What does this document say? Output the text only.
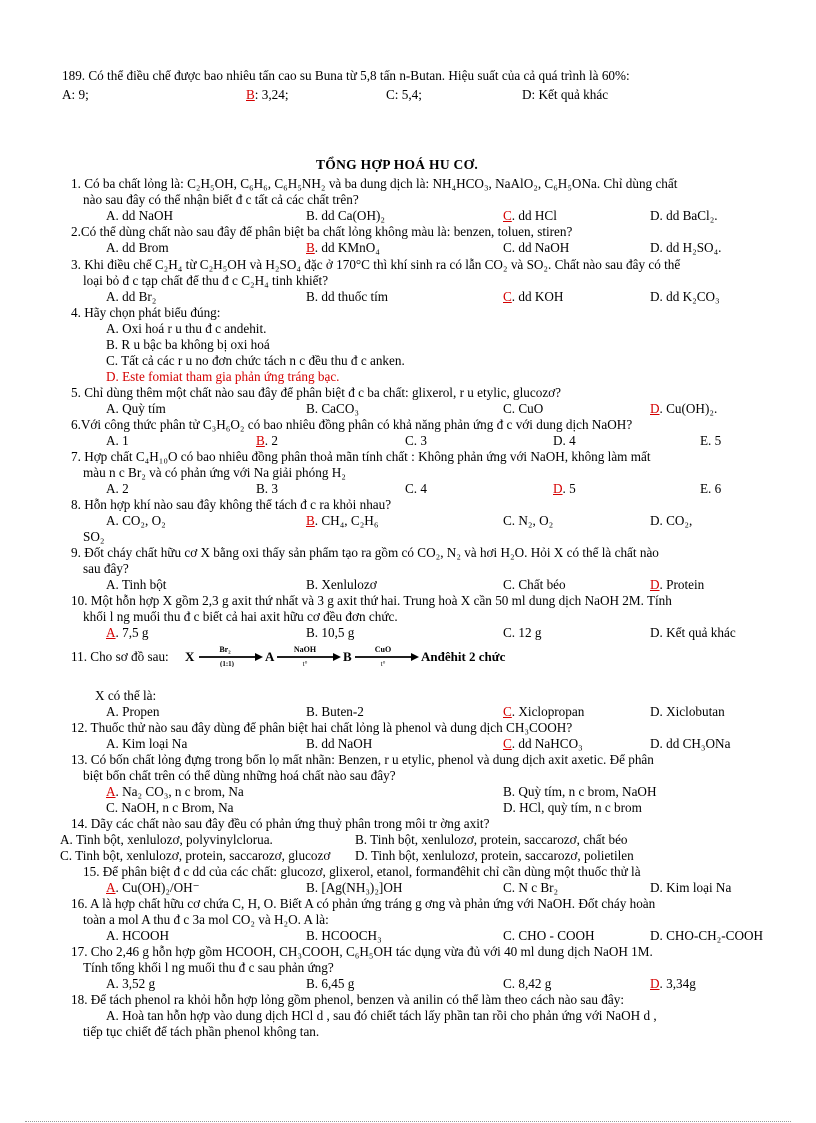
189. Có thể điều chế được bao nhiêu tấn cao su Buna từ 5,8 tấn n-Butan. Hiệu suất của cả quá trình là 60%:
A: 9;	B: 3,24;	C: 5,4;	D: Kết quả khác
TỔNG HỢP HOÁ HU CƠ.
1. Có ba chất lỏng là: C₂H₅OH, C₆H₆, C₆H₅NH₂ và ba dung dịch là: NH₄HCO₃, NaAlO₂, C₆H₅ONa. Chỉ dùng chất
nào sau đây có thể nhận biết đ c tất cả các chất trên?
A. dd NaOH	B. dd Ca(OH)₂	C. dd HCl	D. dd BaCl₂.
2.Có thể dùng chất nào sau đây để phân biệt ba chất lỏng không màu là: benzen, toluen, stiren?
A. dd Brom	B. dd KMnO₄	C. dd NaOH	D. dd H₂SO₄.
3. Khi điều chế C₂H₄ từ C₂H₅OH và H₂SO₄ đặc ở 170°C thì khí sinh ra có lẫn CO₂ và SO₂. Chất nào sau đây có thể
loại bỏ đ c tạp chất để thu đ c C₂H₄ tinh khiết?
A. dd Br₂	B. dd thuốc tím	C. dd KOH	D. dd K₂CO₃
4. Hãy chọn phát biểu đúng:
A. Oxi hoá r u thu đ c andehit.
B. R u bậc ba không bị oxi hoá
C. Tất cả các r u no đơn chức tách n c đều thu đ c anken.
D. Este fomiat tham gia phản ứng tráng bạc.
5. Chỉ dùng thêm một chất nào sau đây để phân biệt đ c ba chất: glixerol, r u etylic, glucozơ?
A. Quỳ tím	B. CaCO₃	C. CuO	D. Cu(OH)₂.
6.Với công thức phân tử C₃H₆O₂ có bao nhiêu đồng phân có khả năng phản ứng đ c với dung dịch NaOH?
A. 1	B. 2	C. 3	D. 4	E. 5
7. Hợp chất C₄H₁₀O có bao nhiêu đồng phân thoả mãn tính chất : Không phản ứng với NaOH, không làm mất
màu n c Br₂ và có phản ứng với Na giải phóng H₂
A. 2	B. 3	C. 4	D. 5	E. 6
8. Hỗn hợp khí nào sau đây không thể tách đ c ra khỏi nhau?
A. CO₂, O₂	B. CH₄, C₂H₆	C. N₂, O₂	D. CO₂,
SO₂
9. Đốt cháy chất hữu cơ X bằng oxi thấy sản phẩm tạo ra gồm có CO₂, N₂ và hơi H₂O. Hỏi X có thể là chất nào
sau đây?
A. Tinh bột	B. Xenlulozơ	C. Chất béo	D. Protein
10. Một hỗn hợp X gồm 2,3 g axit thứ nhất và 3 g axit thứ hai. Trung hoà X cần 50 ml dung dịch NaOH 2M. Tính
khối l ng muối thu đ c biết cả hai axit hữu cơ đều đơn chức.
A. 7,5 g	B. 10,5 g	C. 12 g	D. Kết quả khác
11. Cho sơ đồ sau:
X có thể là:
A. Propen	B. Buten-2	C. Xiclopropan	D. Xiclobutan
12. Thuốc thử nào sau đây dùng để phân biệt hai chất lỏng là phenol và dung dịch CH₃COOH?
A. Kim loại Na	B. dd NaOH	C. dd NaHCO₃	D. dd CH₃ONa
13. Có bốn chất lỏng đựng trong bốn lọ mất nhãn: Benzen, r u etylic, phenol và dung dịch axit axetic. Để phân
biệt bốn chất trên có thể dùng những hoá chất nào sau đây?
A. Na₂ CO₃, n c brom, Na	B. Quỳ tím, n c brom, NaOH
C. NaOH, n c Brom, Na	D. HCl, quỳ tím, n c brom
14. Dãy các chất nào sau đây đều có phản ứng thuỷ phân trong môi tr ờng axit?
A. Tinh bột, xenlulozơ, polyvinylclorua.	B. Tinh bột, xenlulozơ, protein, saccarozơ, chất béo
C. Tinh bột, xenlulozơ, protein, saccarozơ, glucozơ D. Tinh bột, xenlulozơ, protein, saccarozơ, polietilen
15. Để phân biệt đ c dd của các chất: glucozơ, glixerol, etanol, formanđêhit chỉ cần dùng một thuốc thử là
A. Cu(OH)₂/OH⁻	B. [Ag(NH₃)₂]OH	C. N c Br₂	D. Kim loại Na
16. A là hợp chất hữu cơ chứa C, H, O. Biết A có phản ứng tráng g ơng và phản ứng với NaOH. Đốt cháy hoàn
toàn a mol A thu đ c 3a mol CO₂ và H₂O. A là:
A. HCOOH	B. HCOOCH₃	C. CHO - COOH	D. CHO-CH₂-COOH
17. Cho 2,46 g hỗn hợp gồm HCOOH, CH₃COOH, C₆H₅OH tác dụng vừa đủ với 40 ml dung dịch NaOH 1M.
Tính tổng khối l ng muối thu đ c sau phản ứng?
A. 3,52 g	B. 6,45 g	C. 8,42 g	D. 3,34g
18. Để tách phenol ra khỏi hỗn hợp lỏng gồm phenol, benzen và anilin có thể làm theo cách nào sau đây:
A. Hoà tan hỗn hợp vào dung dịch HCl d , sau đó chiết tách lấy phần tan rồi cho phản ứng với NaOH d ,
tiếp tục chiết để tách phần phenol không tan.
X	Br₂
(1:1) A NaOH
t°	B	CuO
t°	Anđêhit 2 chức
